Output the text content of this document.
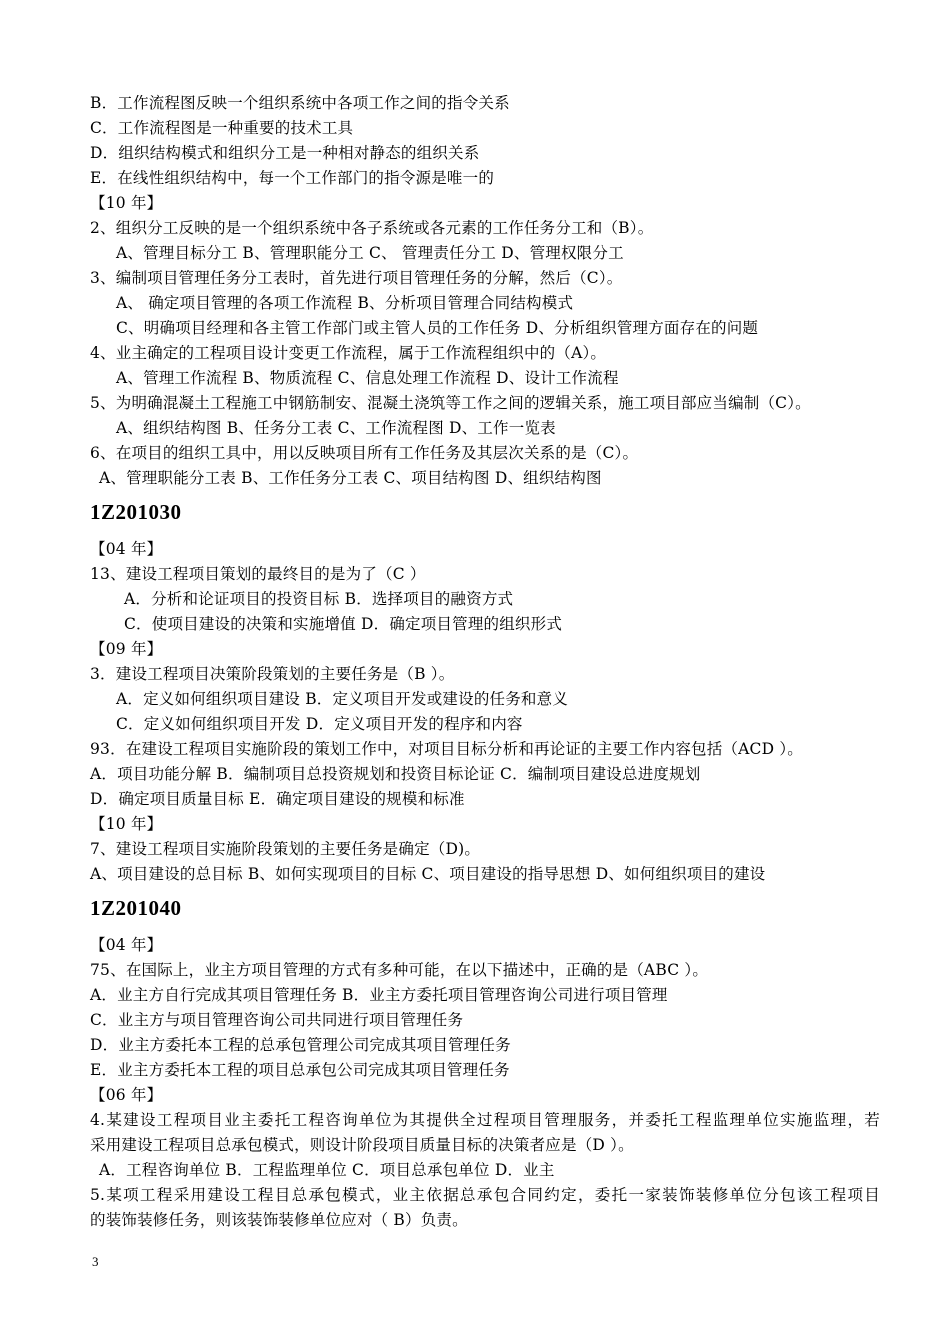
B．工作流程图反映一个组织系统中各项工作之间的指令关系
C．工作流程图是一种重要的技术工具
D．组织结构模式和组织分工是一种相对静态的组织关系
E．在线性组织结构中，每一个工作部门的指令源是唯一的
【10 年】
2、组织分工反映的是一个组织系统中各子系统或各元素的工作任务分工和（B）。
A、管理目标分工 B、管理职能分工 C、 管理责任分工 D、管理权限分工
3、编制项目管理任务分工表时，首先进行项目管理任务的分解，然后（C）。
A、 确定项目管理的各项工作流程 B、分析项目管理合同结构模式
C、明确项目经理和各主管工作部门或主管人员的工作任务 D、分析组织管理方面存在的问题
4、业主确定的工程项目设计变更工作流程，属于工作流程组织中的（A）。
A、管理工作流程 B、物质流程 C、信息处理工作流程 D、设计工作流程
5、为明确混凝土工程施工中钢筋制安、混凝土浇筑等工作之间的逻辑关系，施工项目部应当编制（C）。
A、组织结构图 B、任务分工表 C、工作流程图 D、工作一览表
6、在项目的组织工具中，用以反映项目所有工作任务及其层次关系的是（C）。
A、管理职能分工表 B、工作任务分工表 C、项目结构图 D、组织结构图
1Z201030
【04 年】
13、建设工程项目策划的最终目的是为了（C ）
A．分析和论证项目的投资目标 B．选择项目的融资方式
C．使项目建设的决策和实施增值 D．确定项目管理的组织形式
【09 年】
3．建设工程项目决策阶段策划的主要任务是（B ）。
A．定义如何组织项目建设 B．定义项目开发或建设的任务和意义
C．定义如何组织项目开发 D．定义项目开发的程序和内容
93．在建设工程项目实施阶段的策划工作中，对项目目标分析和再论证的主要工作内容包括（ACD ）。
A．项目功能分解 B．编制项目总投资规划和投资目标论证 C．编制项目建设总进度规划
D．确定项目质量目标 E．确定项目建设的规模和标准
【10 年】
7、建设工程项目实施阶段策划的主要任务是确定（D)。
A、项目建设的总目标 B、如何实现项目的目标 C、项目建设的指导思想 D、如何组织项目的建设
1Z201040
【04 年】
75、在国际上，业主方项目管理的方式有多种可能，在以下描述中，正确的是（ABC ）。
A．业主方自行完成其项目管理任务 B．业主方委托项目管理咨询公司进行项目管理
C．业主方与项目管理咨询公司共同进行项目管理任务
D．业主方委托本工程的总承包管理公司完成其项目管理任务
E．业主方委托本工程的项目总承包公司完成其项目管理任务
【06 年】
4.某建设工程项目业主委托工程咨询单位为其提供全过程项目管理服务，并委托工程监理单位实施监理，若
采用建设工程项目总承包模式，则设计阶段项目质量目标的决策者应是（D ）。
A．工程咨询单位 B．工程监理单位 C．项目总承包单位 D．业主
5.某项工程采用建设工程目总承包模式，业主依据总承包合同约定，委托一家装饰装修单位分包该工程项目
的装饰装修任务，则该装饰装修单位应对（ B）负责。
3
